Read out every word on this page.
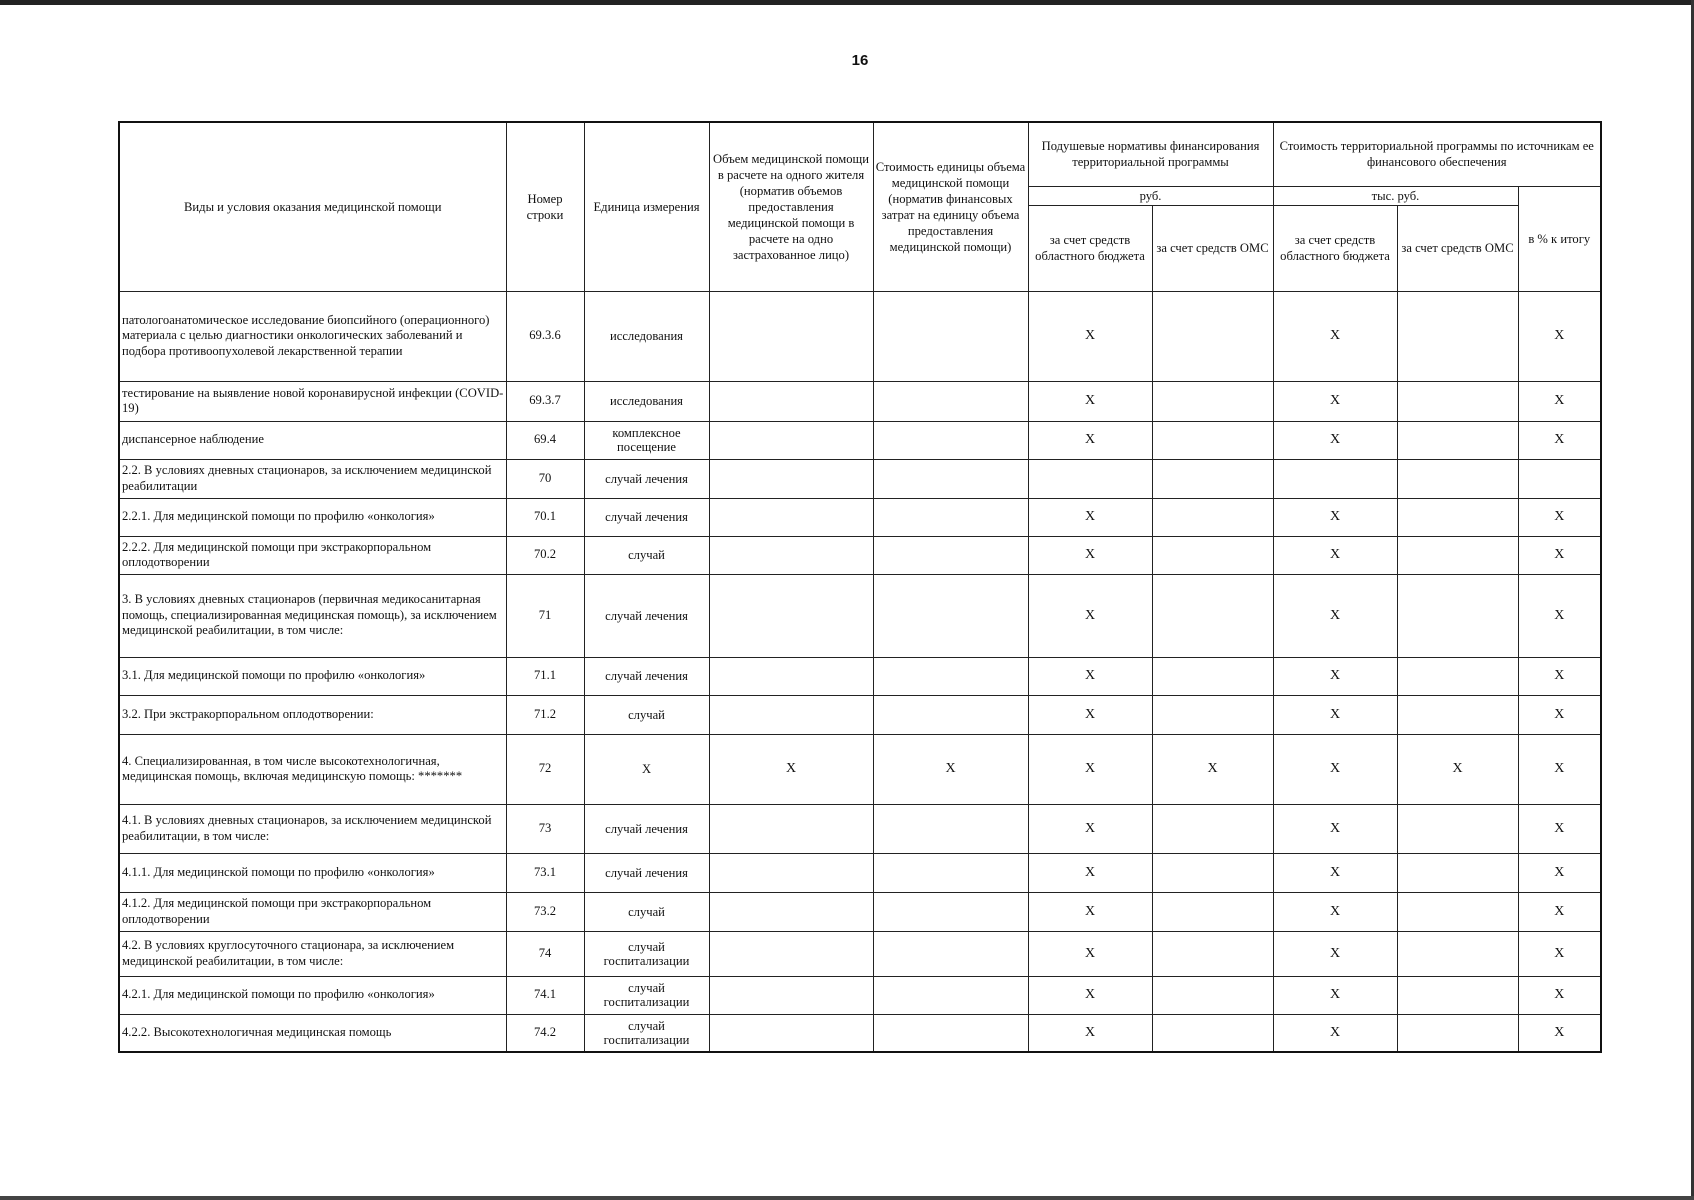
16
Виды и условия оказания медицинской помощи	Номер строки	Единица измерения	Объем медицинской помощи в расчете на одного жителя (норматив объемов предоставления медицинской помощи в расчете на одно застрахованное лицо)	Стоимость единицы объема медицинской помощи (норматив финансовых затрат на единицу объема предоставления медицинской помощи)	Подушевые нормативы финансирования территориальной программы		Стоимость территориальной программы по источникам ее финансового обеспечения		
					руб.		тыс. руб.		в % к итогу
					за счет средств областного бюджета	за счет средств ОМС	за счет средств областного бюджета	за счет средств ОМС	
патологоанатомическое исследование биопсийного (операционного) материала с целью диагностики онкологических заболеваний и подбора противоопухолевой лекарственной терапии	69.3.6	исследования			Х		Х		Х
тестирование на выявление новой коронавирусной инфекции (COVID-19)	69.3.7	исследования			Х		Х		Х
диспансерное наблюдение	69.4	комплексное посещение			Х		Х		Х
2.2. В условиях дневных стационаров, за исключением медицинской реабилитации	70	случай лечения							
2.2.1. Для медицинской помощи по профилю «онкология»	70.1	случай лечения			Х		Х		Х
2.2.2. Для медицинской помощи при экстракорпоральном оплодотворении	70.2	случай			Х		Х		Х
3. В условиях дневных стационаров (первичная медикосанитарная помощь, специализированная медицинская помощь), за исключением медицинской реабилитации, в том числе:	71	случай лечения			Х		Х		Х
3.1. Для медицинской помощи по профилю «онкология»	71.1	случай лечения			Х		Х		Х
3.2. При экстракорпоральном оплодотворении:	71.2	случай			Х		Х		Х
4. Специализированная, в том числе высокотехнологичная, медицинская помощь, включая медицинскую помощь: *******	72	Х	Х	Х	Х	Х	Х	Х	Х
4.1. В условиях дневных стационаров, за исключением медицинской реабилитации, в том числе:	73	случай лечения			Х		Х		Х
4.1.1. Для медицинской помощи по профилю «онкология»	73.1	случай лечения			Х		Х		Х
4.1.2. Для медицинской помощи при экстракорпоральном оплодотворении	73.2	случай			Х		Х		Х
4.2. В условиях круглосуточного стационара, за исключением медицинской реабилитации, в том числе:	74	случай госпитализации			Х		Х		Х
4.2.1. Для медицинской помощи по профилю «онкология»	74.1	случай госпитализации			Х		Х		Х
4.2.2. Высокотехнологичная медицинская помощь	74.2	случай госпитализации			Х		Х		Х
